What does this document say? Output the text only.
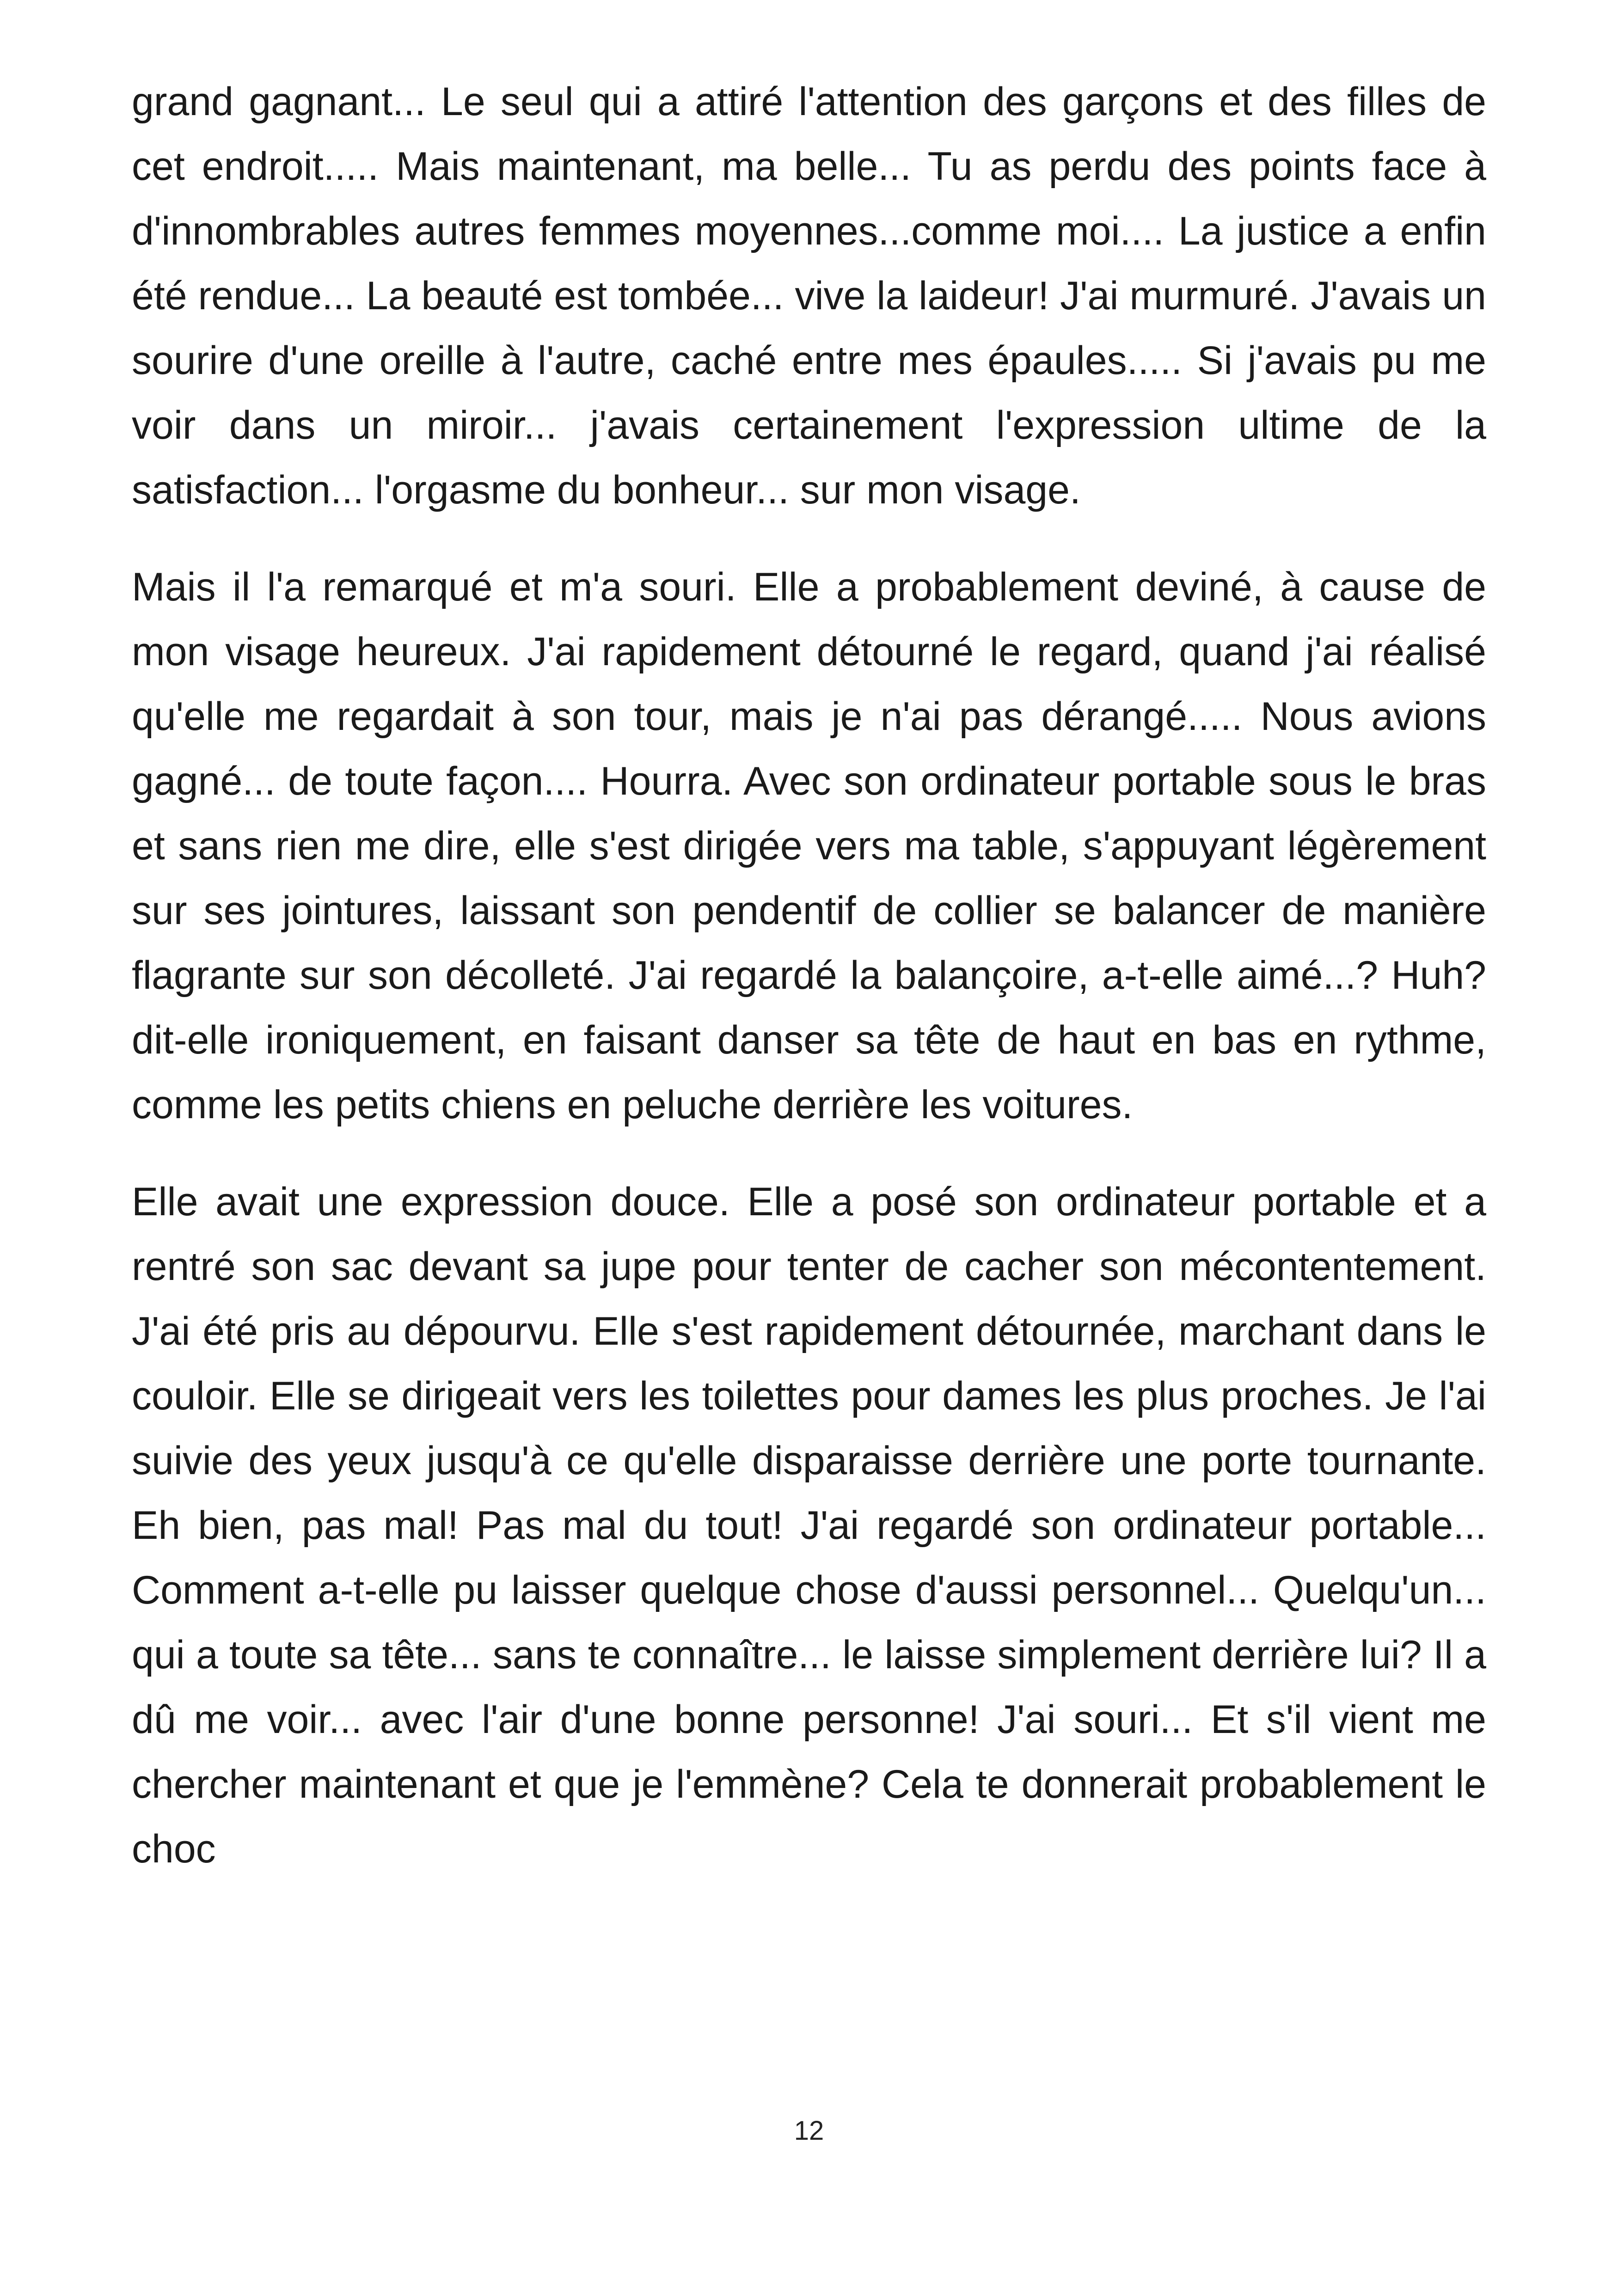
grand gagnant... Le seul qui a attiré l'attention des garçons et des filles de cet endroit..... Mais maintenant, ma belle... Tu as perdu des points face à d'innombrables autres femmes moyennes...comme moi.... La justice a enfin été rendue... La beauté est tombée... vive la laideur! J'ai murmuré. J'avais un sourire d'une oreille à l'autre, caché entre mes épaules..... Si j'avais pu me voir dans un miroir... j'avais certainement l'expression ultime de la satisfaction... l'orgasme du bonheur... sur mon visage.

Mais il l'a remarqué et m'a souri. Elle a probablement deviné, à cause de mon visage heureux. J'ai rapidement détourné le regard, quand j'ai réalisé qu'elle me regardait à son tour, mais je n'ai pas dérangé..... Nous avions gagné... de toute façon.... Hourra. Avec son ordinateur portable sous le bras et sans rien me dire, elle s'est dirigée vers ma table, s'appuyant légèrement sur ses jointures, laissant son pendentif de collier se balancer de manière flagrante sur son décolleté. J'ai regardé la balançoire, a-t-elle aimé...? Huh? dit-elle ironiquement, en faisant danser sa tête de haut en bas en rythme, comme les petits chiens en peluche derrière les voitures.

Elle avait une expression douce. Elle a posé son ordinateur portable et a rentré son sac devant sa jupe pour tenter de cacher son mécontentement. J'ai été pris au dépourvu. Elle s'est rapidement détournée, marchant dans le couloir. Elle se dirigeait vers les toilettes pour dames les plus proches. Je l'ai suivie des yeux jusqu'à ce qu'elle disparaisse derrière une porte tournante. Eh bien, pas mal! Pas mal du tout! J'ai regardé son ordinateur portable... Comment a-t-elle pu laisser quelque chose d'aussi personnel... Quelqu'un... qui a toute sa tête... sans te connaître... le laisse simplement derrière lui? Il a dû me voir... avec l'air d'une bonne personne! J'ai souri... Et s'il vient me chercher maintenant et que je l'emmène? Cela te donnerait probablement le choc

12
